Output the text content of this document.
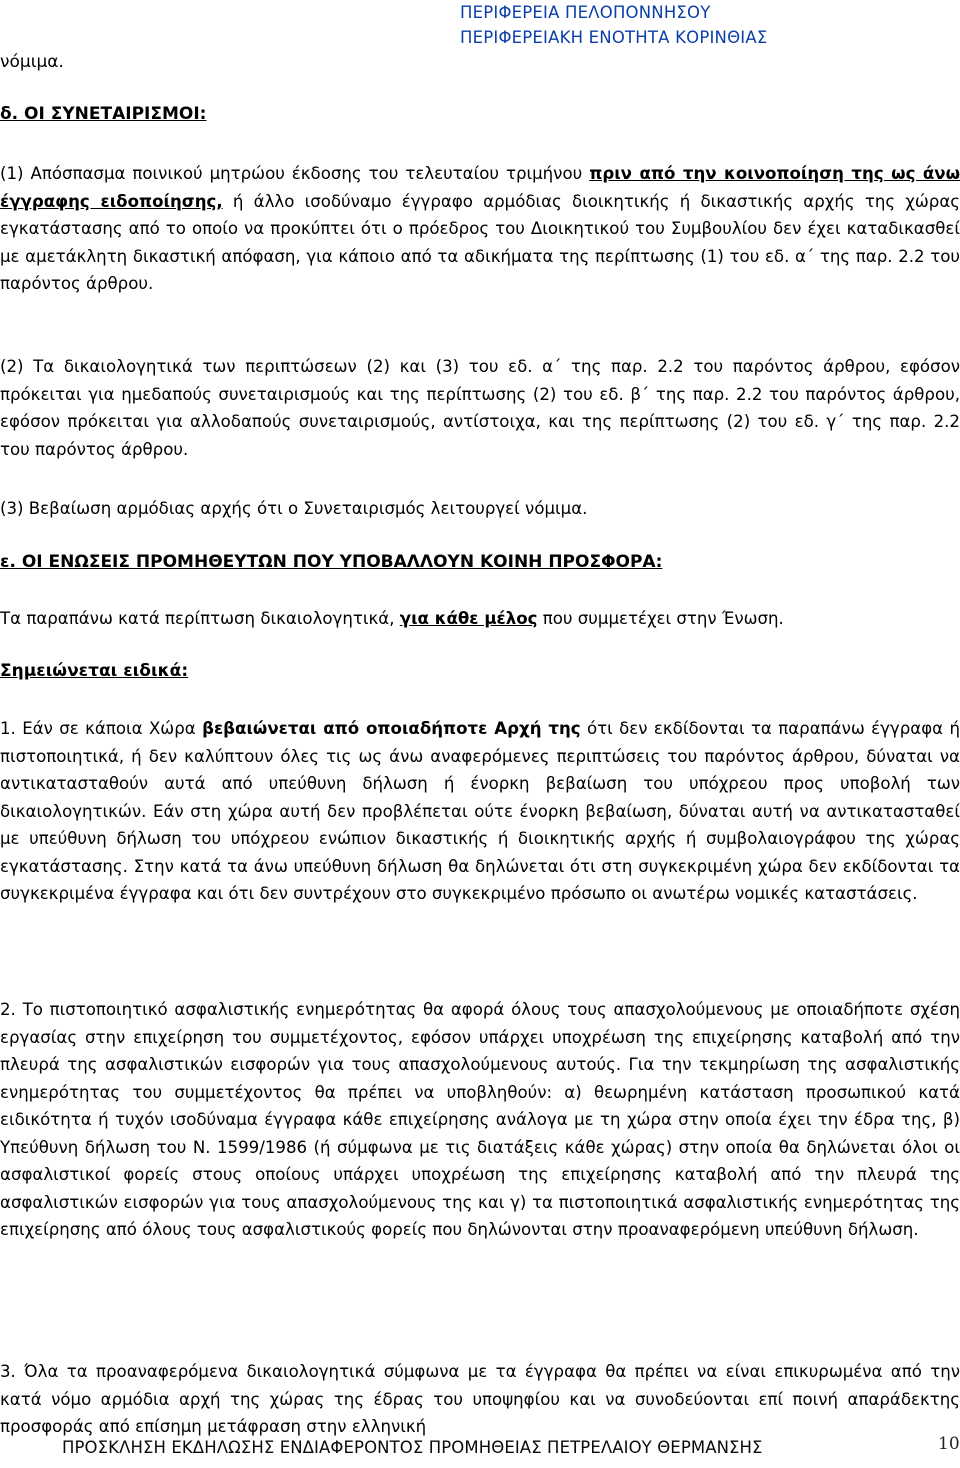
ΠΕΡΙΦΕΡΕΙΑ ΠΕΛΟΠΟΝΝΗΣΟΥ
ΠΕΡΙΦΕΡΕΙΑΚΗ ΕΝΟΤΗΤΑ ΚΟΡΙΝΘΙΑΣ
νόμιμα.
δ. ΟΙ ΣΥΝΕΤΑΙΡΙΣΜΟΙ:
(1) Απόσπασμα ποινικού μητρώου έκδοσης του τελευταίου τριμήνου πριν από την κοινοποίηση της ως άνω έγγραφης ειδοποίησης, ή άλλο ισοδύναμο έγγραφο αρμόδιας διοικητικής ή δικαστικής αρχής της χώρας εγκατάστασης από το οποίο να προκύπτει ότι ο πρόεδρος του Διοικητικού του Συμβουλίου δεν έχει καταδικασθεί με αμετάκλητη δικαστική απόφαση, για κάποιο από τα αδικήματα της περίπτωσης (1) του εδ. α΄ της παρ. 2.2 του παρόντος άρθρου.
(2) Τα δικαιολογητικά των περιπτώσεων (2) και (3) του εδ. α΄ της παρ. 2.2 του παρόντος άρθρου, εφόσον πρόκειται για ημεδαπούς συνεταιρισμούς και της περίπτωσης (2) του εδ. β΄ της παρ. 2.2 του παρόντος άρθρου, εφόσον πρόκειται για αλλοδαπούς συνεταιρισμούς, αντίστοιχα, και της περίπτωσης (2) του εδ. γ΄ της παρ. 2.2 του παρόντος άρθρου.
(3) Βεβαίωση αρμόδιας αρχής ότι ο Συνεταιρισμός λειτουργεί νόμιμα.
ε. ΟΙ ΕΝΩΣΕΙΣ ΠΡΟΜΗΘΕΥΤΩΝ ΠΟΥ ΥΠΟΒΑΛΛΟΥΝ ΚΟΙΝΗ ΠΡΟΣΦΟΡΑ:
Τα παραπάνω κατά περίπτωση δικαιολογητικά, για κάθε μέλος που συμμετέχει στην Ένωση.
Σημειώνεται ειδικά:
1. Εάν σε κάποια Χώρα βεβαιώνεται από οποιαδήποτε Αρχή της ότι δεν εκδίδονται τα παραπάνω έγγραφα ή πιστοποιητικά, ή δεν καλύπτουν όλες τις ως άνω αναφερόμενες περιπτώσεις του παρόντος άρθρου, δύναται να αντικατασταθούν αυτά από υπεύθυνη δήλωση ή ένορκη βεβαίωση του υπόχρεου προς υποβολή των δικαιολογητικών. Εάν στη χώρα αυτή δεν προβλέπεται ούτε ένορκη βεβαίωση, δύναται αυτή να αντικατασταθεί με υπεύθυνη δήλωση του υπόχρεου ενώπιον δικαστικής ή διοικητικής αρχής ή συμβολαιογράφου της χώρας εγκατάστασης. Στην κατά τα άνω υπεύθυνη δήλωση θα δηλώνεται ότι στη συγκεκριμένη χώρα δεν εκδίδονται τα συγκεκριμένα έγγραφα και ότι δεν συντρέχουν στο συγκεκριμένο πρόσωπο οι ανωτέρω νομικές καταστάσεις.
2. Το πιστοποιητικό ασφαλιστικής ενημερότητας θα αφορά όλους τους απασχολούμενους με οποιαδήποτε σχέση εργασίας στην επιχείρηση του συμμετέχοντος, εφόσον υπάρχει υποχρέωση της επιχείρησης καταβολή από την πλευρά της ασφαλιστικών εισφορών για τους απασχολούμενους αυτούς. Για την τεκμηρίωση της ασφαλιστικής ενημερότητας του συμμετέχοντος θα πρέπει να υποβληθούν: α) θεωρημένη κατάσταση προσωπικού κατά ειδικότητα ή τυχόν ισοδύναμα έγγραφα κάθε επιχείρησης ανάλογα με τη χώρα στην οποία έχει την έδρα της, β) Υπεύθυνη δήλωση του Ν. 1599/1986 (ή σύμφωνα με τις διατάξεις κάθε χώρας) στην οποία θα δηλώνεται όλοι οι ασφαλιστικοί φορείς στους οποίους υπάρχει υποχρέωση της επιχείρησης καταβολή από την πλευρά της ασφαλιστικών εισφορών για τους απασχολούμενους της και γ) τα πιστοποιητικά ασφαλιστικής ενημερότητας της επιχείρησης από όλους τους ασφαλιστικούς φορείς που δηλώνονται στην προαναφερόμενη υπεύθυνη δήλωση.
3. Όλα τα προαναφερόμενα δικαιολογητικά σύμφωνα με τα έγγραφα θα πρέπει να είναι επικυρωμένα από την κατά νόμο αρμόδια αρχή της χώρας της έδρας του υποψηφίου και να συνοδεύονται επί ποινή απαράδεκτης προσφοράς από επίσημη μετάφραση στην ελληνική
ΠΡΟΣΚΛΗΣΗ ΕΚΔΗΛΩΣΗΣ ΕΝΔΙΑΦΕΡΟΝΤΟΣ ΠΡΟΜΗΘΕΙΑΣ ΠΕΤΡΕΛΑΙΟΥ ΘΕΡΜΑΝΣΗΣ	10
